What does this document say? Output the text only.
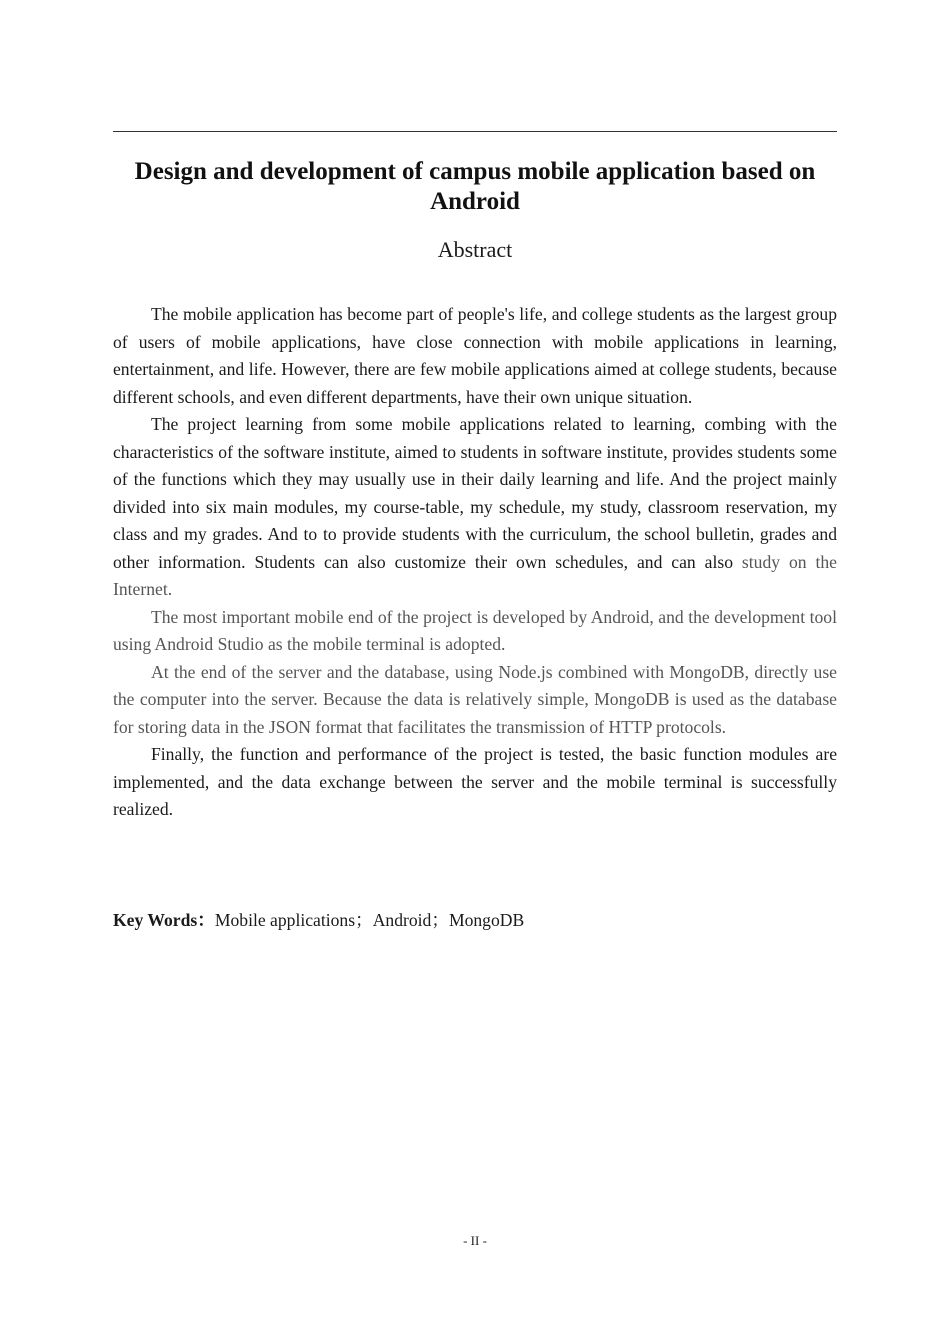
Design and development of campus mobile application based on Android
Abstract

The mobile application has become part of people's life, and college students as the largest group of users of mobile applications, have close connection with mobile applications in learning, entertainment, and life. However, there are few mobile applications aimed at college students, because different schools, and even different departments, have their own unique situation.

The project learning from some mobile applications related to learning, combing with the characteristics of the software institute, aimed to students in software institute, provides students some of the functions which they may usually use in their daily learning and life. And the project mainly divided into six main modules, my course-table, my schedule, my study, classroom reservation, my class and my grades. And to to provide students with the curriculum, the school bulletin, grades and other information. Students can also customize their own schedules, and can also study on the Internet.

The most important mobile end of the project is developed by Android, and the development tool using Android Studio as the mobile terminal is adopted.

At the end of the server and the database, using Node.js combined with MongoDB, directly use the computer into the server. Because the data is relatively simple, MongoDB is used as the database for storing data in the JSON format that facilitates the transmission of HTTP protocols.

Finally, the function and performance of the project is tested, the basic function modules are implemented, and the data exchange between the server and the mobile terminal is successfully realized.

Key Words：Mobile applications；Android；MongoDB

- II -
